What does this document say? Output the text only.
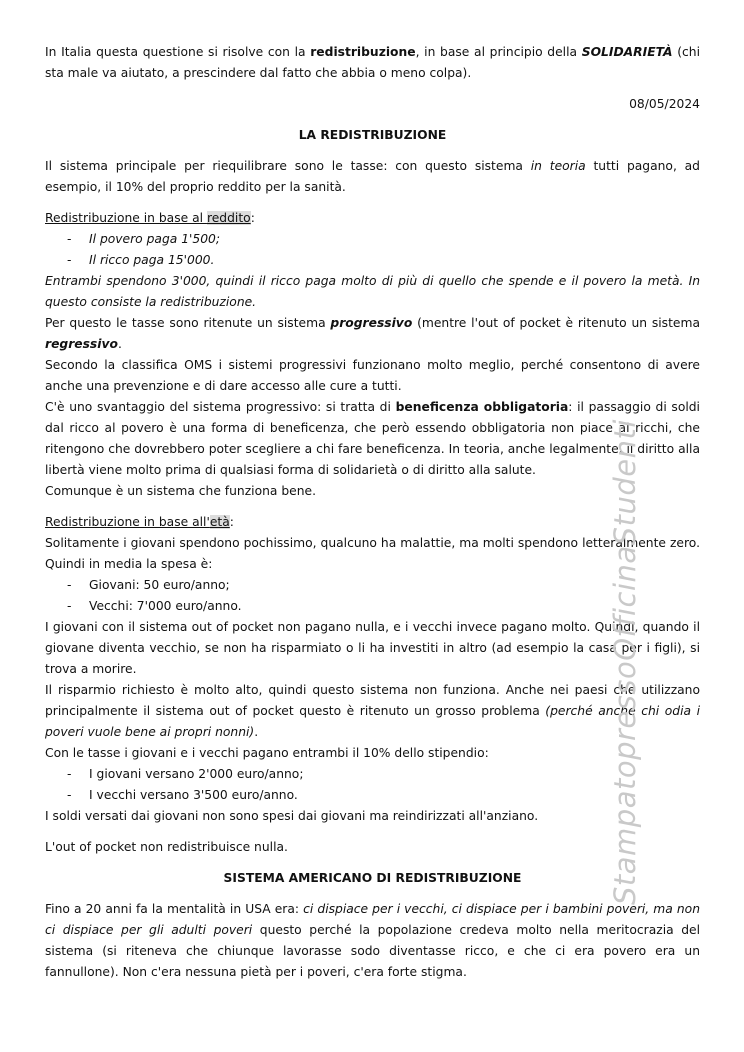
In Italia questa questione si risolve con la redistribuzione, in base al principio della SOLIDARIETÀ (chi sta male va aiutato, a prescindere dal fatto che abbia o meno colpa).

08/05/2024

LA REDISTRIBUZIONE

Il sistema principale per riequilibrare sono le tasse: con questo sistema in teoria tutti pagano, ad esempio, il 10% del proprio reddito per la sanità.

Redistribuzione in base al reddito:

- Il povero paga 1'500;
- Il ricco paga 15'000.

Entrambi spendono 3'000, quindi il ricco paga molto di più di quello che spende e il povero la metà. In questo consiste la redistribuzione.

Per questo le tasse sono ritenute un sistema progressivo (mentre l'out of pocket è ritenuto un sistema regressivo.

Secondo la classifica OMS i sistemi progressivi funzionano molto meglio, perché consentono di avere anche una prevenzione e di dare accesso alle cure a tutti.

C'è uno svantaggio del sistema progressivo: si tratta di beneficenza obbligatoria: il passaggio di soldi dal ricco al povero è una forma di beneficenza, che però essendo obbligatoria non piace ai ricchi, che ritengono che dovrebbero poter scegliere a chi fare beneficenza. In teoria, anche legalmente, il diritto alla libertà viene molto prima di qualsiasi forma di solidarietà o di diritto alla salute.

Comunque è un sistema che funziona bene.

Redistribuzione in base all'età:

Solitamente i giovani spendono pochissimo, qualcuno ha malattie, ma molti spendono letteralmente zero. Quindi in media la spesa è:

- Giovani: 50 euro/anno;
- Vecchi: 7'000 euro/anno.

I giovani con il sistema out of pocket non pagano nulla, e i vecchi invece pagano molto. Quindi, quando il giovane diventa vecchio, se non ha risparmiato o li ha investiti in altro (ad esempio la casa per i figli), si trova a morire.

Il risparmio richiesto è molto alto, quindi questo sistema non funziona. Anche nei paesi che utilizzano principalmente il sistema out of pocket questo è ritenuto un grosso problema (perché anche chi odia i poveri vuole bene ai propri nonni).

Con le tasse i giovani e i vecchi pagano entrambi il 10% dello stipendio:

- I giovani versano 2'000 euro/anno;
- I vecchi versano 3'500 euro/anno.

I soldi versati dai giovani non sono spesi dai giovani ma reindirizzati all'anziano.

L'out of pocket non redistribuisce nulla.

SISTEMA AMERICANO DI REDISTRIBUZIONE

Fino a 20 anni fa la mentalità in USA era: ci dispiace per i vecchi, ci dispiace per i bambini poveri, ma non ci dispiace per gli adulti poveri questo perché la popolazione credeva molto nella meritocrazia del sistema (si riteneva che chiunque lavorasse sodo diventasse ricco, e che ci era povero era un fannullone). Non c'era nessuna pietà per i poveri, c'era forte stigma.

StampatopressoOfficinaStudenti
